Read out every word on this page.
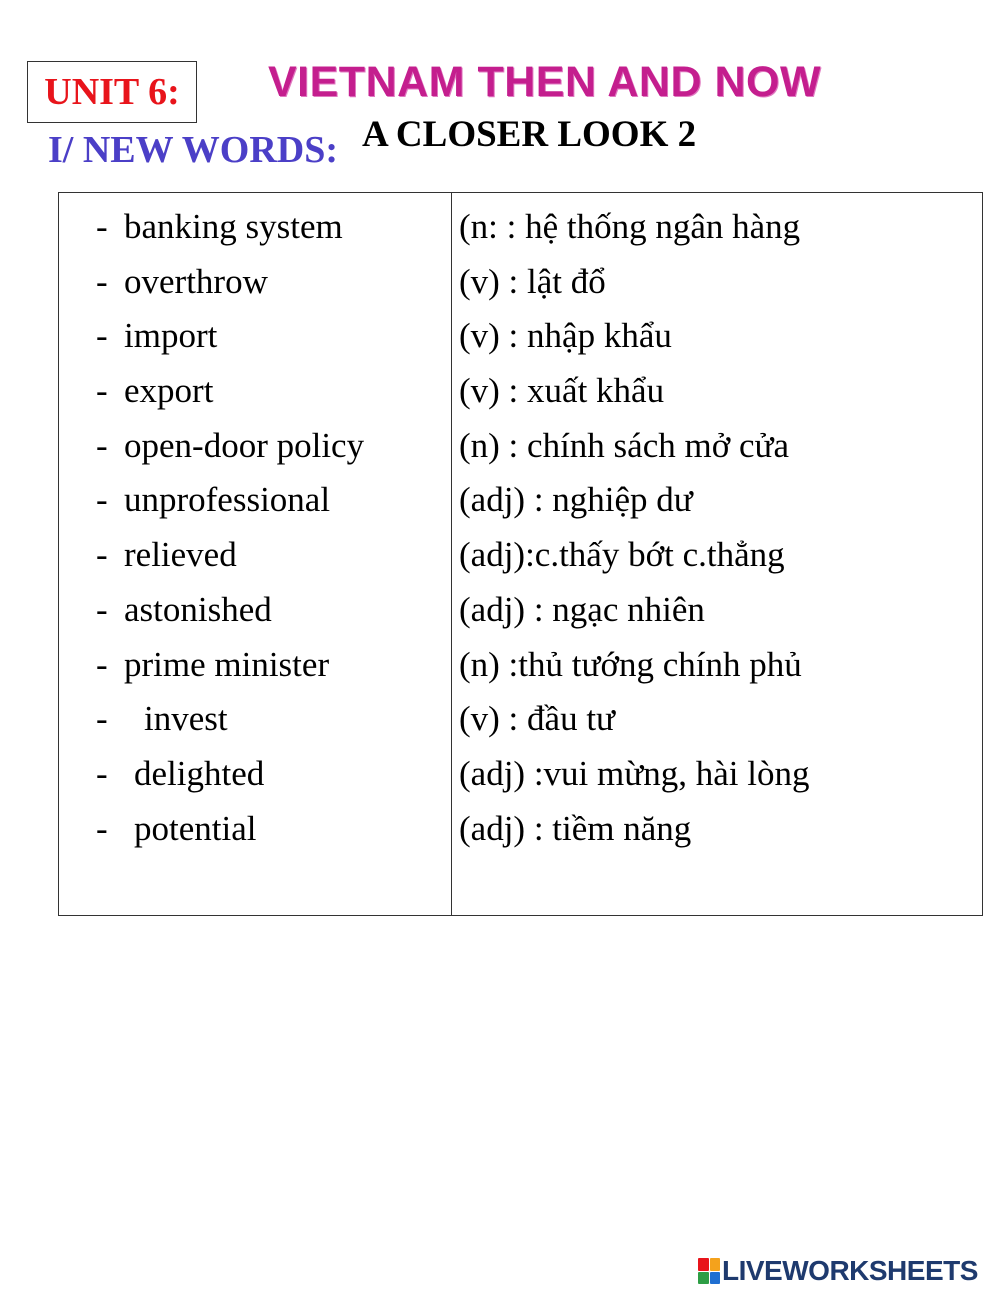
UNIT 6:	VIETNAM THEN AND NOW
A CLOSER LOOK 2
I/ NEW WORDS:
- banking system	(n: : hệ thống ngân hàng
- overthrow	(v) : lật đổ
- import	(v) : nhập khẩu
- export	(v) : xuất khẩu
- open-door policy	(n) : chính sách mở cửa
- unprofessional	(adj) : nghiệp dư
- relieved	(adj):c.thấy bớt c.thẳng
- astonished	(adj) : ngạc nhiên
- prime minister	(n) :thủ tướng chính phủ
- invest	(v) : đầu tư
- delighted	(adj) :vui mừng, hài lòng
- potential	(adj) : tiềm năng
LIVEWORKSHEETS
